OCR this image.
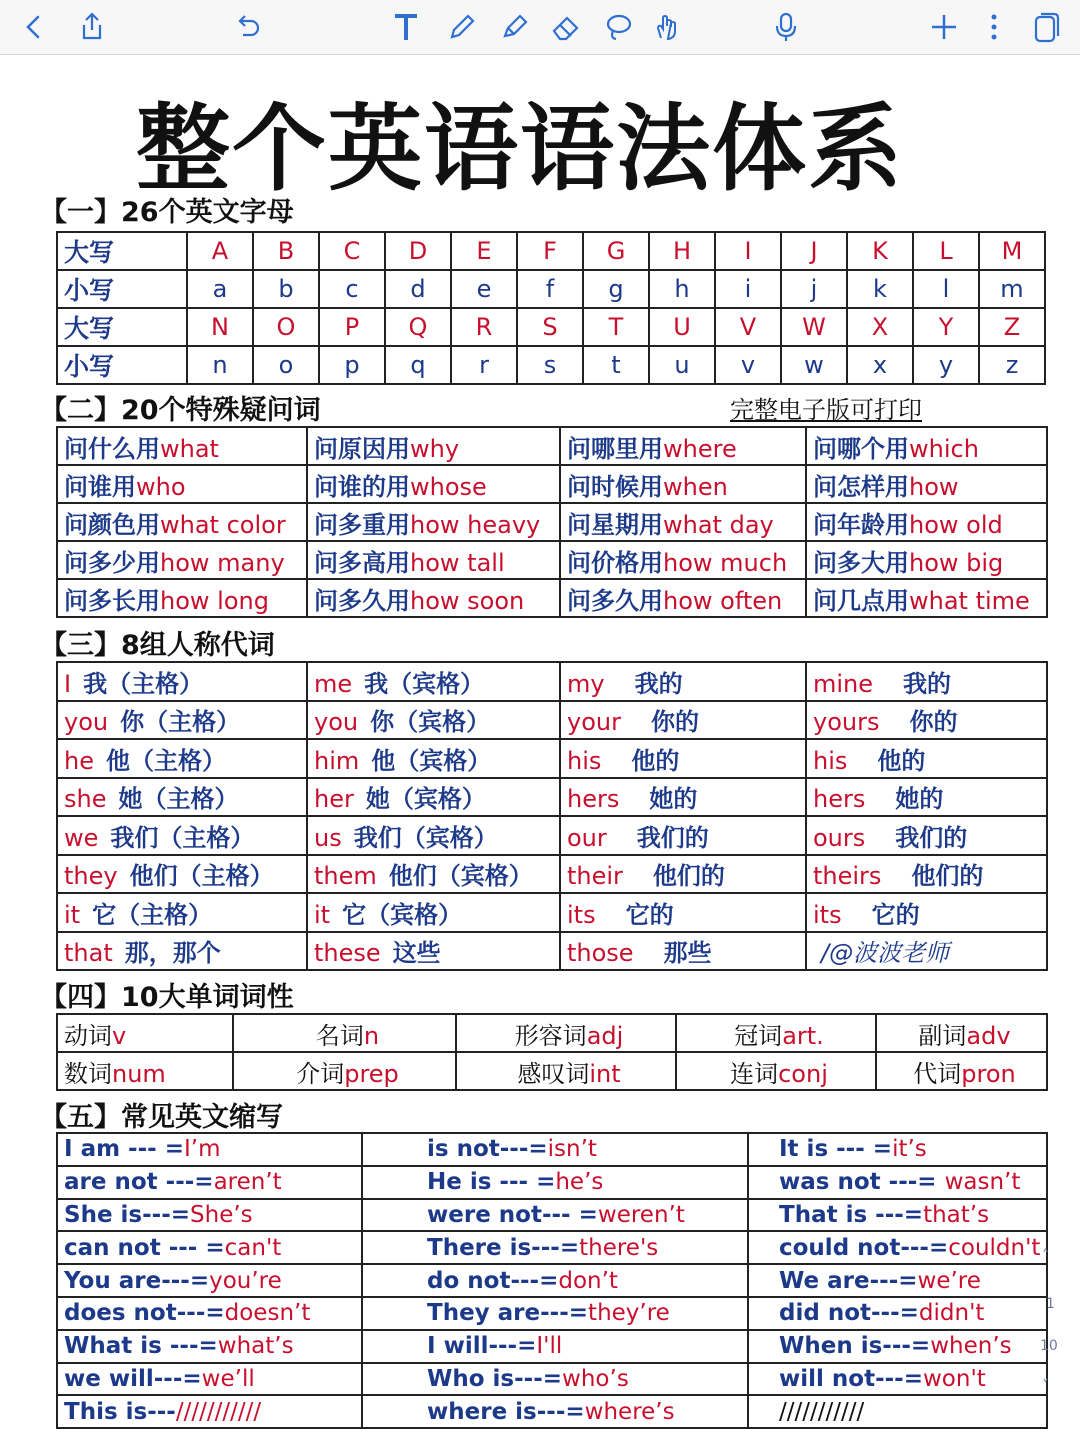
整个英语语法体系
【一】26个英文字母
大写	A	B	C	D	E	F	G	H	I	J	K	L	M
小写	a	b	c	d	e	f	g	h	i	j	k	l	m
大写	N	O	P	Q	R	S	T	U	V	W	X	Y	Z
小写	n	o	p	q	r	s	t	u	v	w	x	y	z
【二】20个特殊疑问词	完整电子版可打印
问什么用what	问原因用why	问哪里用where	问哪个用which
问谁用who	问谁的用whose	问时候用when	问怎样用how
问颜色用what color	问多重用how heavy	问星期用what day	问年龄用how old
问多少用how many	问多高用how tall	问价格用how much	问多大用how big
问多长用how long	问多久用how soon	问多久用how often	问几点用what time
【三】8组人称代词
I 我（主格）	me 我（宾格）	my 我的	mine 我的
you 你（主格）	you 你（宾格）	your 你的	yours 你的
he 他（主格）	him 他（宾格）	his 他的	his 他的
she 她（主格）	her 她（宾格）	hers 她的	hers 她的
we 我们（主格）	us 我们（宾格）	our 我们的	ours 我们的
they 他们（主格）	them 他们（宾格）	their 他们的	theirs 他们的
it 它（主格）	it 它（宾格）	its 它的	its 它的
that 那，那个	these 这些	those 那些	/@波波老师
【四】10大单词词性
动词v	名词n	形容词adj	冠词art.	副词adv
数词num	介词prep	感叹词int	连词conj	代词pron
【五】常见英文缩写
I am --- =I’m	is not---=isn’t	It is --- =it’s
are not ---=aren’t	He is --- =he’s	was not ---= wasn’t
She is---=She’s	were not--- =weren’t	That is ---=that’s
can not --- =can't	There is---=there's	could not---=couldn't
You are---=you’re	do not---=don’t	We are---=we’re
does not---=doesn’t	They are---=they’re	did not---=didn't
What is ---=what’s	I will---=I'll	When is---=when’s
we will---=we’ll	Who is---=who’s	will not---=won't
This is---///////////	where is---=where’s	///////////
˄
1
10
˅
